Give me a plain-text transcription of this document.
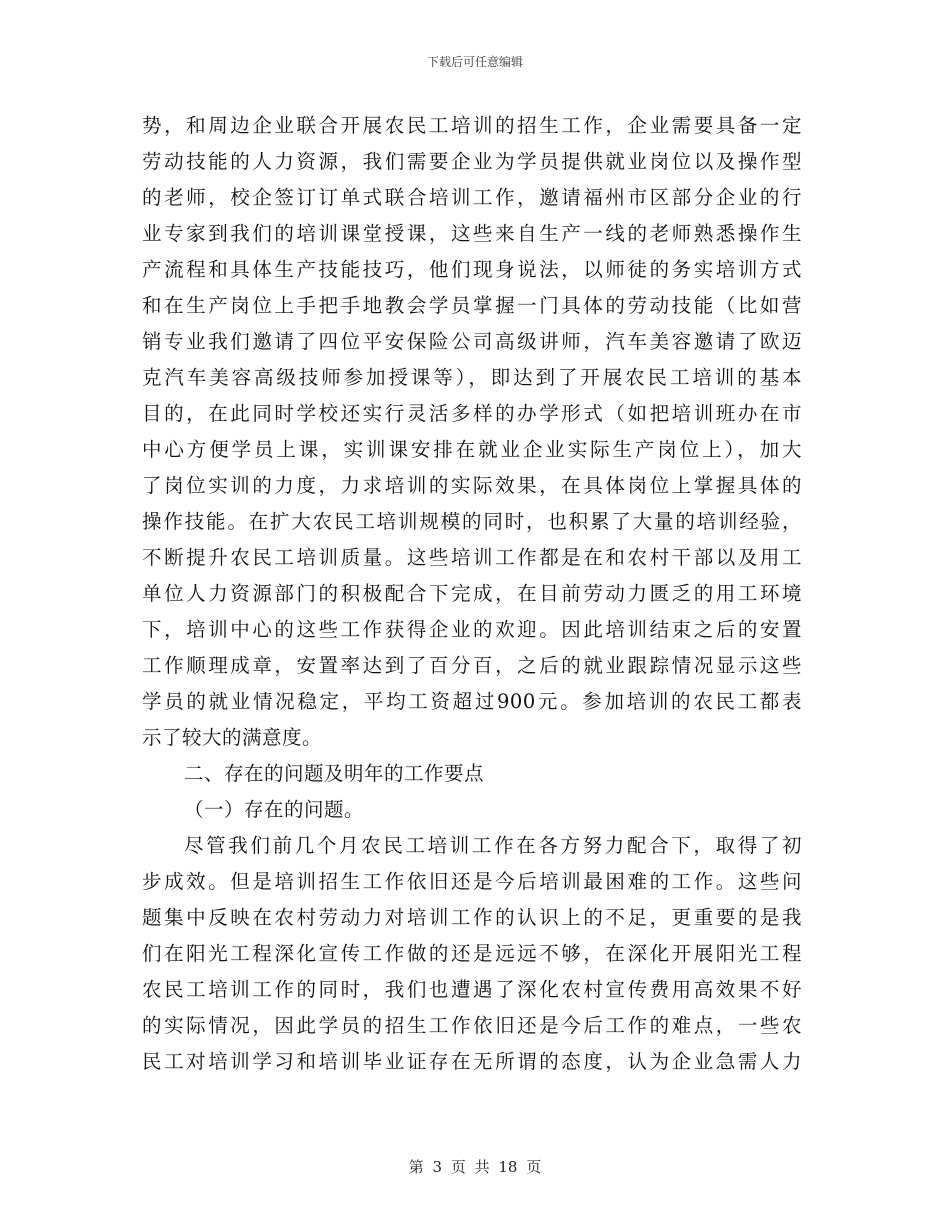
下载后可任意编辑
势，和周边企业联合开展农民工培训的招生工作，企业需要具备一定
劳动技能的人力资源，我们需要企业为学员提供就业岗位以及操作型
的老师，校企签订订单式联合培训工作，邀请福州市区部分企业的行
业专家到我们的培训课堂授课，这些来自生产一线的老师熟悉操作生
产流程和具体生产技能技巧，他们现身说法，以师徒的务实培训方式
和在生产岗位上手把手地教会学员掌握一门具体的劳动技能（比如营
销专业我们邀请了四位平安保险公司高级讲师，汽车美容邀请了欧迈
克汽车美容高级技师参加授课等），即达到了开展农民工培训的基本
目的，在此同时学校还实行灵活多样的办学形式（如把培训班办在市
中心方便学员上课，实训课安排在就业企业实际生产岗位上），加大
了岗位实训的力度，力求培训的实际效果，在具体岗位上掌握具体的
操作技能。在扩大农民工培训规模的同时，也积累了大量的培训经验，
不断提升农民工培训质量。这些培训工作都是在和农村干部以及用工
单位人力资源部门的积极配合下完成，在目前劳动力匮乏的用工环境
下，培训中心的这些工作获得企业的欢迎。因此培训结束之后的安置
工作顺理成章，安置率达到了百分百，之后的就业跟踪情况显示这些
学员的就业情况稳定，平均工资超过900元。参加培训的农民工都表
示了较大的满意度。
二、存在的问题及明年的工作要点
（一）存在的问题。
尽管我们前几个月农民工培训工作在各方努力配合下，取得了初
步成效。但是培训招生工作依旧还是今后培训最困难的工作。这些问
题集中反映在农村劳动力对培训工作的认识上的不足，更重要的是我
们在阳光工程深化宣传工作做的还是远远不够，在深化开展阳光工程
农民工培训工作的同时，我们也遭遇了深化农村宣传费用高效果不好
的实际情况，因此学员的招生工作依旧还是今后工作的难点，一些农
民工对培训学习和培训毕业证存在无所谓的态度，认为企业急需人力
第 3 页 共 18 页
